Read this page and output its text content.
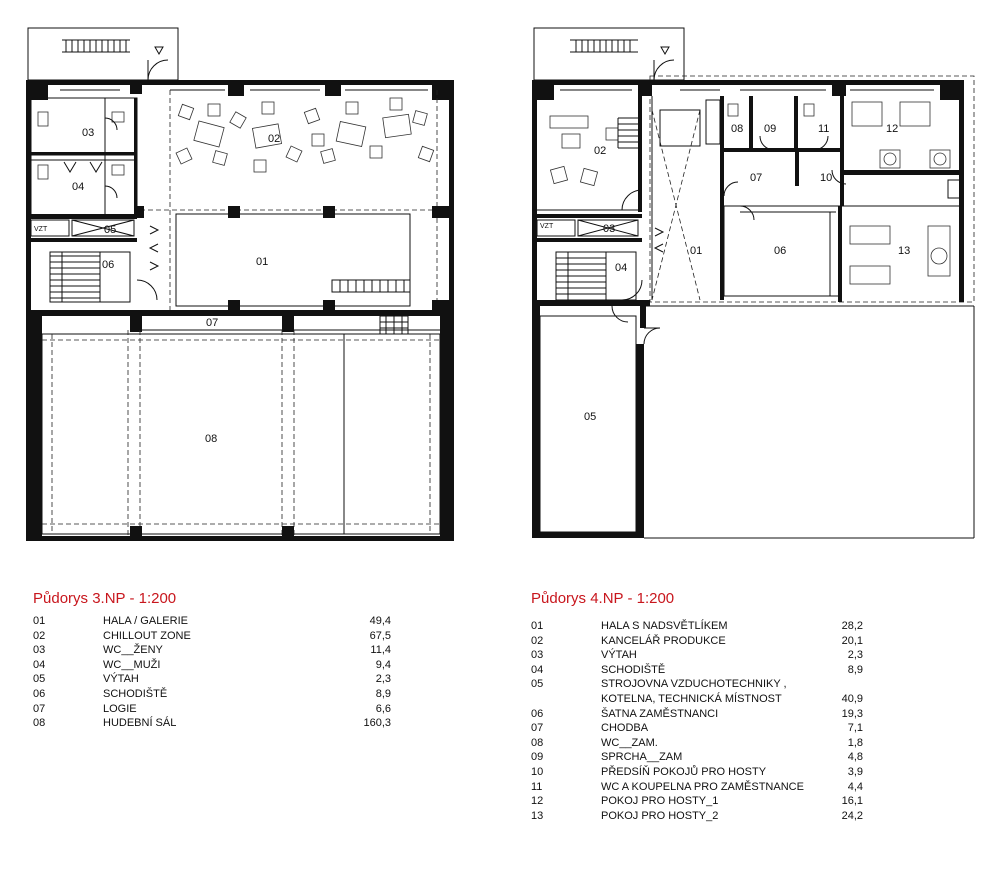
03
04
VZT	05
06
02
01
07
08
02
VZT	03
04
01
08 09	11	12
07	10
06	13
05
Půdorys 3.NP - 1:200
01	HALA / GALERIE	49,4
02	CHILLOUT ZONE	67,5
03	WC__ŽENY	11,4
04	WC__MUŽI	9,4
05	VÝTAH	2,3
06	SCHODIŠTĚ	8,9
07	LOGIE	6,6
08	HUDEBNÍ SÁL	160,3
Půdorys 4.NP - 1:200
01	HALA S NADSVĚTLÍKEM	28,2
02	KANCELÁŘ PRODUKCE	20,1
03	VÝTAH	2,3
04	SCHODIŠTĚ	8,9
05	STROJOVNA VZDUCHOTECHNIKY ,
KOTELNA, TECHNICKÁ MÍSTNOST	40,9
06	ŠATNA ZAMĚSTNANCI	19,3
07	CHODBA	7,1
08	WC__ZAM.	1,8
09	SPRCHA__ZAM	4,8
10	PŘEDSÍŇ POKOJŮ PRO HOSTY	3,9
11	WC A KOUPELNA PRO ZAMĚSTNANCE	4,4
12	POKOJ PRO HOSTY_1	16,1
13	POKOJ PRO HOSTY_2	24,2
